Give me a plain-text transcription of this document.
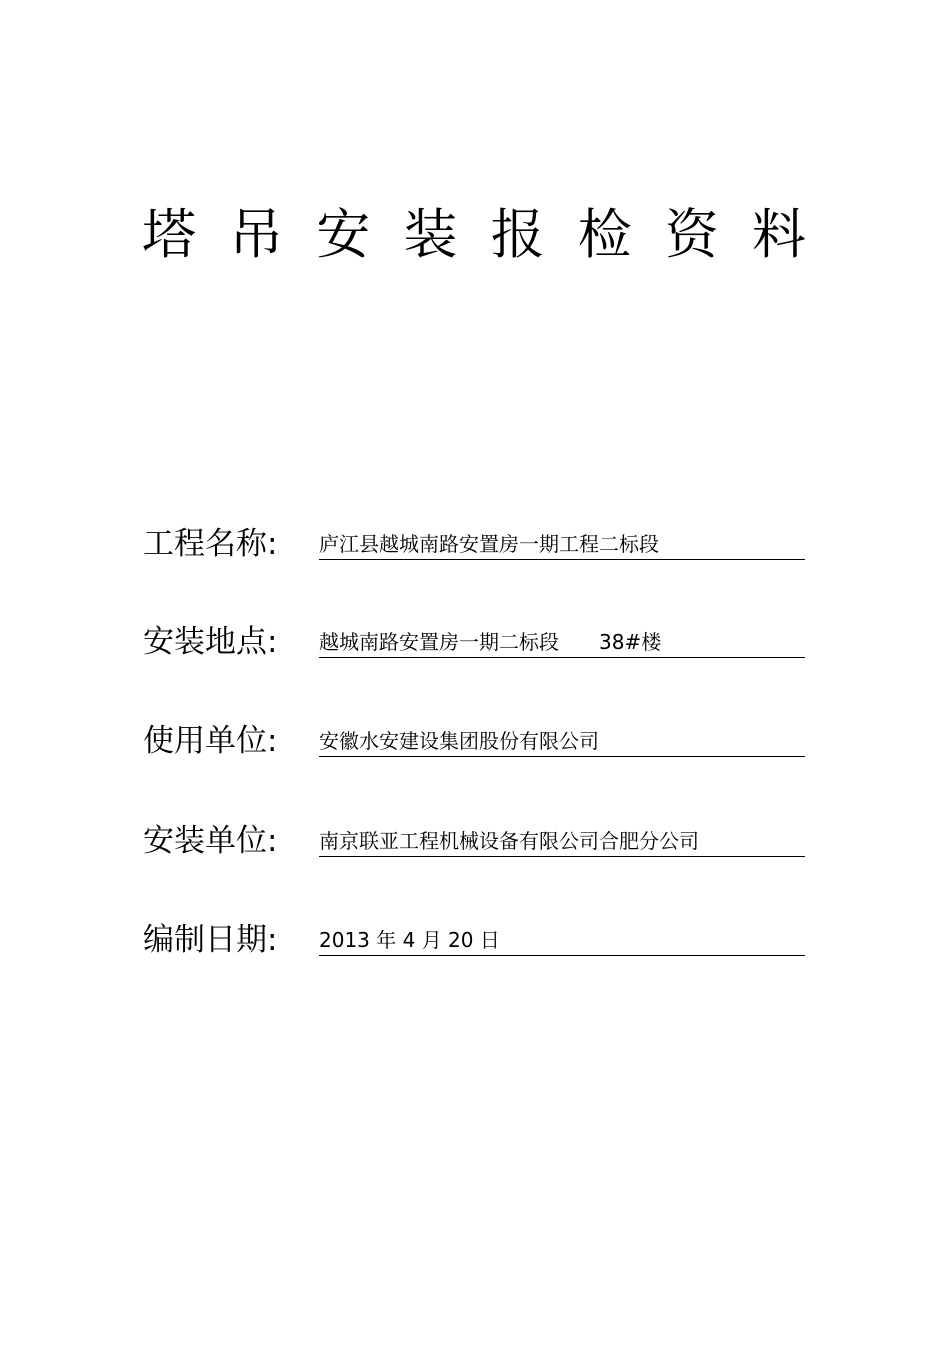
塔 吊 安 装 报 检 资 料
工程名称: 庐江县越城南路安置房一期工程二标段
安装地点: 越城南路安置房一期二标段 38#楼
使用单位: 安徽水安建设集团股份有限公司
安装单位: 南京联亚工程机械设备有限公司合肥分公司
编制日期: 2013 年 4 月 20 日
